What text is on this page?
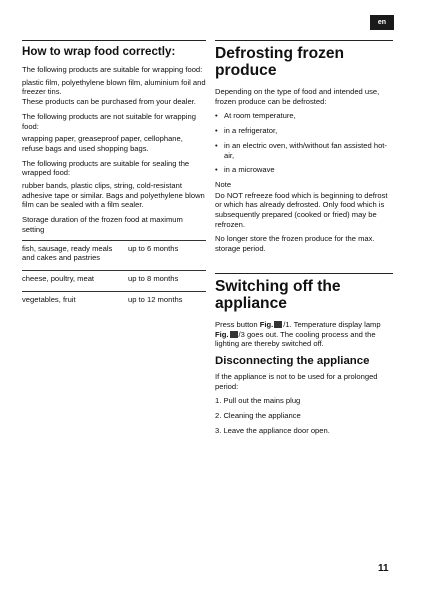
en
How to wrap food correctly:

The following products are suitable for wrapping food:

plastic film, polyethylene blown film, aluminium foil and freezer tins.

These products can be purchased from your dealer.

The following products are not suitable for wrapping food:

wrapping paper, greaseproof paper, cellophane, refuse bags and used shopping bags.

The following products are suitable for sealing the wrapped food:

rubber bands, plastic clips, string, cold-resistant adhesive tape or similar. Bags and polyethylene blown film can be sealed with a film sealer.

Storage duration of the frozen food at maximum setting

fish, sausage, ready meals and cakes and pastries
up to 6 months
cheese, poultry, meat	up to 8 months
vegetables, fruit	up to 12 months
Defrosting frozen produce

Depending on the type of food and intended use, frozen produce can be defrosted:

• At room temperature,
• in a refrigerator,
• in an electric oven, with/without fan assisted hot-air,
• in a microwave

Note

Do NOT refreeze food which is beginning to defrost or which has already defrosted. Only food which is subsequently prepared (cooked or fried) may be refrozen.

No longer store the frozen produce for the max. storage period.

Switching off the appliance

Press button Fig. /1. Temperature display lamp Fig. /3 goes out. The cooling process and the lighting are thereby switched off.

Disconnecting the appliance

If the appliance is not to be used for a prolonged period:

1. Pull out the mains plug

2. Cleaning the appliance

3. Leave the appliance door open.

11
